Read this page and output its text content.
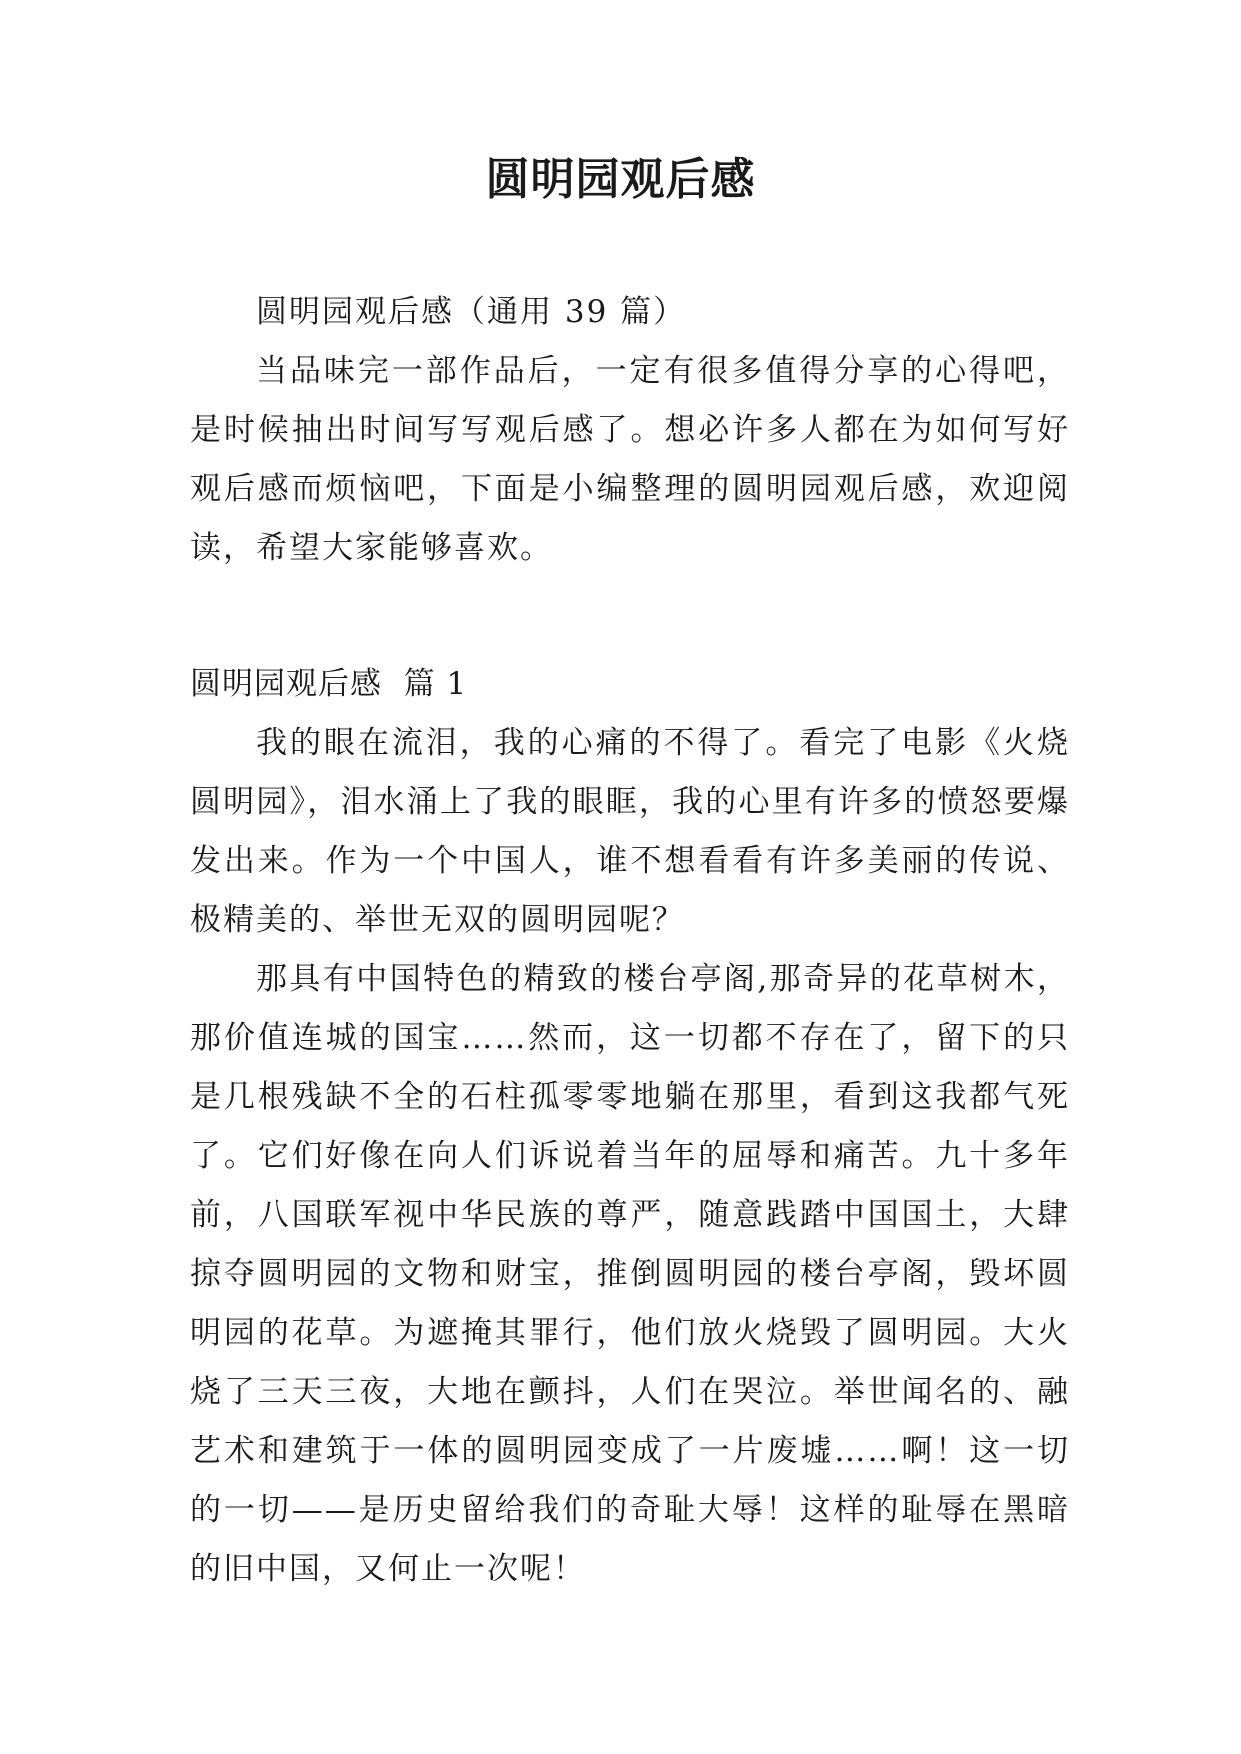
圆明园观后感

圆明园观后感（通用 39 篇）

当品味完一部作品后，一定有很多值得分享的心得吧，是时候抽出时间写写观后感了。想必许多人都在为如何写好观后感而烦恼吧，下面是小编整理的圆明园观后感，欢迎阅读，希望大家能够喜欢。

圆明园观后感  篇 1

我的眼在流泪，我的心痛的不得了。看完了电影《火烧圆明园》，泪水涌上了我的眼眶，我的心里有许多的愤怒要爆发出来。作为一个中国人，谁不想看看有许多美丽的传说、极精美的、举世无双的圆明园呢？

那具有中国特色的精致的楼台亭阁,那奇异的花草树木，那价值连城的国宝……然而，这一切都不存在了，留下的只是几根残缺不全的石柱孤零零地躺在那里，看到这我都气死了。它们好像在向人们诉说着当年的屈辱和痛苦。九十多年前，八国联军视中华民族的尊严，随意践踏中国国土，大肆掠夺圆明园的文物和财宝，推倒圆明园的楼台亭阁，毁坏圆明园的花草。为遮掩其罪行，他们放火烧毁了圆明园。大火烧了三天三夜，大地在颤抖，人们在哭泣。举世闻名的、融艺术和建筑于一体的圆明园变成了一片废墟……啊！这一切的一切——是历史留给我们的奇耻大辱！这样的耻辱在黑暗的旧中国，又何止一次呢！
